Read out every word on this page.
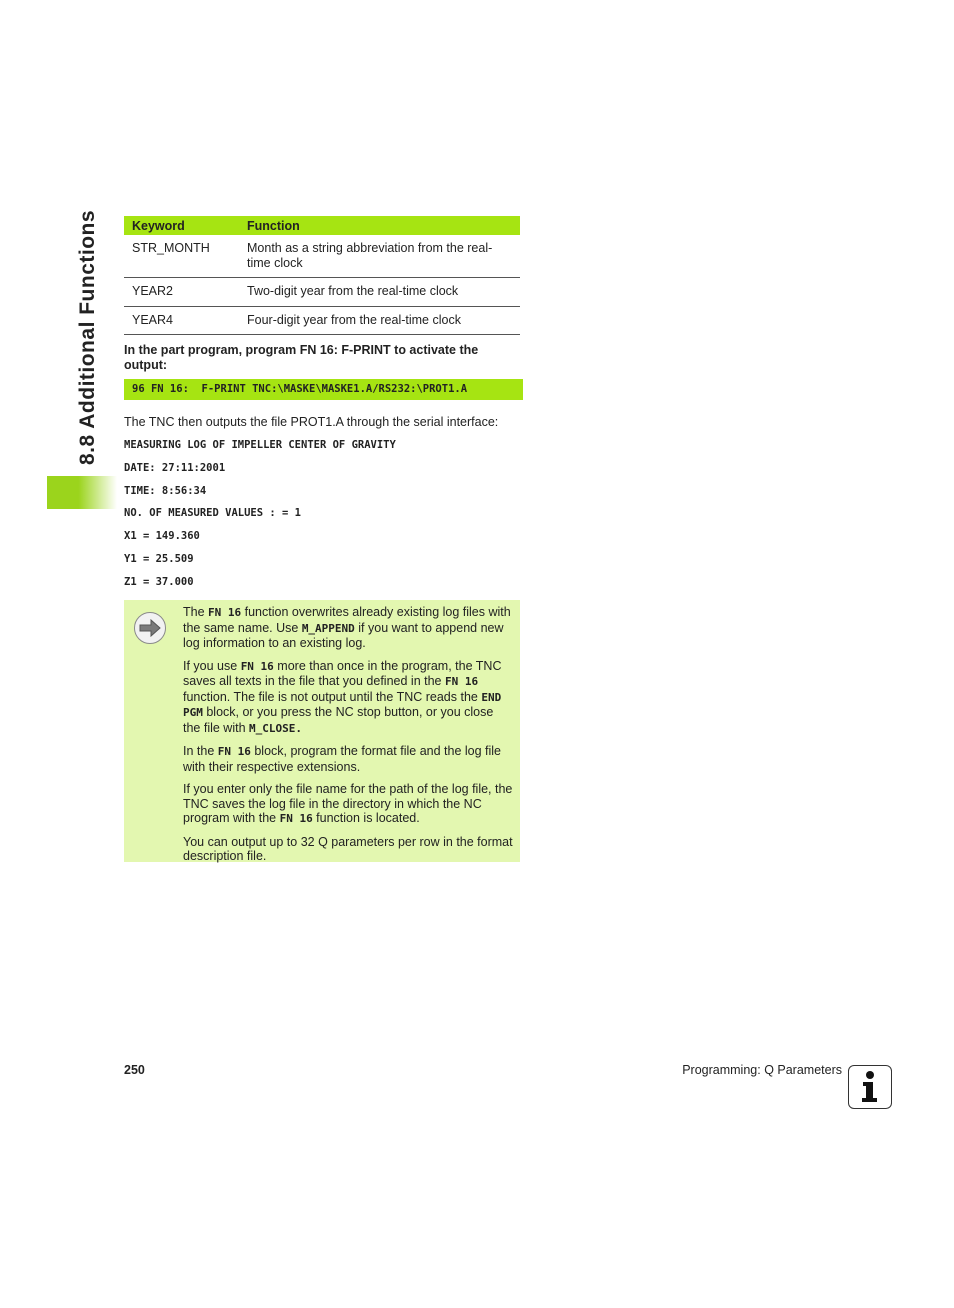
8.8 Additional Functions	Keyword	Function
STR_MONTH	Month as a string abbreviation from the real-time clock
YEAR2	Two-digit year from the real-time clock
YEAR4	Four-digit year from the real-time clock
In the part program, program FN 16: F-PRINT to activate the output:
96 FN 16:  F-PRINT TNC:\MASKE\MASKE1.A/RS232:\PROT1.A
The TNC then outputs the file PROT1.A through the serial interface:
MEASURING LOG OF IMPELLER CENTER OF GRAVITY
DATE: 27:11:2001
TIME: 8:56:34
NO. OF MEASURED VALUES : = 1
X1 = 149.360
Y1 = 25.509
Z1 = 37.000

The FN 16 function overwrites already existing log files with the same name. Use M_APPEND if you want to append new log information to an existing log.

If you use FN 16 more than once in the program, the TNC saves all texts in the file that you defined in the FN 16 function. The file is not output until the TNC reads the END PGM block, or you press the NC stop button, or you close the file with M_CLOSE.

In the FN 16 block, program the format file and the log file with their respective extensions.

If you enter only the file name for the path of the log file, the TNC saves the log file in the directory in which the NC program with the FN 16 function is located.

You can output up to 32 Q parameters per row in the format description file.

250	Programming: Q Parameters
